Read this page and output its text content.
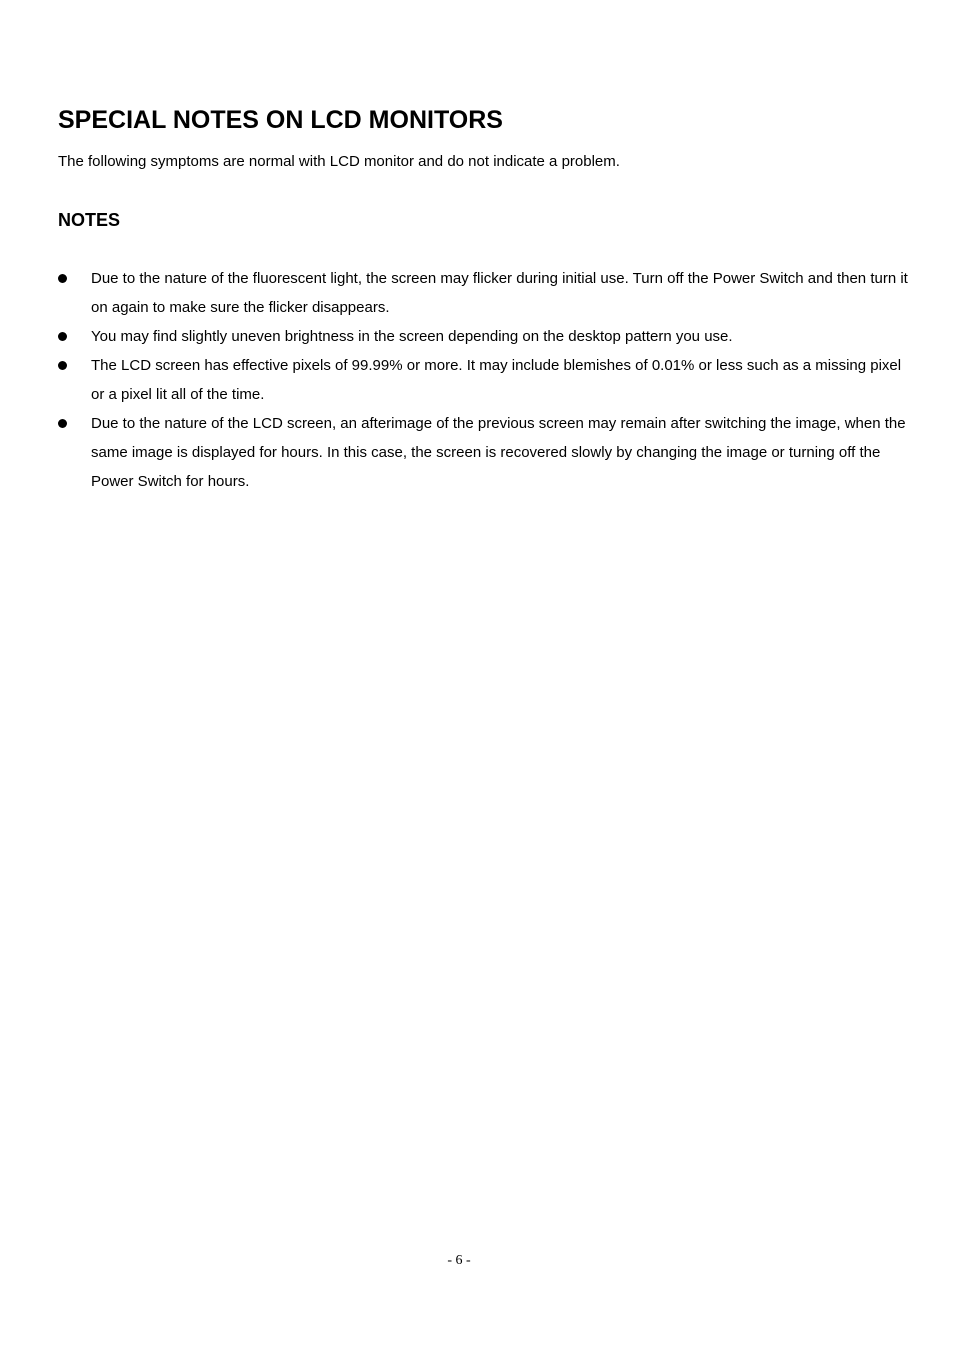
SPECIAL NOTES ON LCD MONITORS

The following symptoms are normal with LCD monitor and do not indicate a problem.

NOTES
Due to the nature of the fluorescent light, the screen may flicker during initial use. Turn off the Power Switch and then turn it on again to make sure the flicker disappears.
You may find slightly uneven brightness in the screen depending on the desktop pattern you use.
The LCD screen has effective pixels of 99.99% or more. It may include blemishes of 0.01% or less such as a missing pixel or a pixel lit all of the time.
Due to the nature of the LCD screen, an afterimage of the previous screen may remain after switching the image, when the same image is displayed for hours. In this case, the screen is recovered slowly by changing the image or turning off the Power Switch for hours.

- 6 -
